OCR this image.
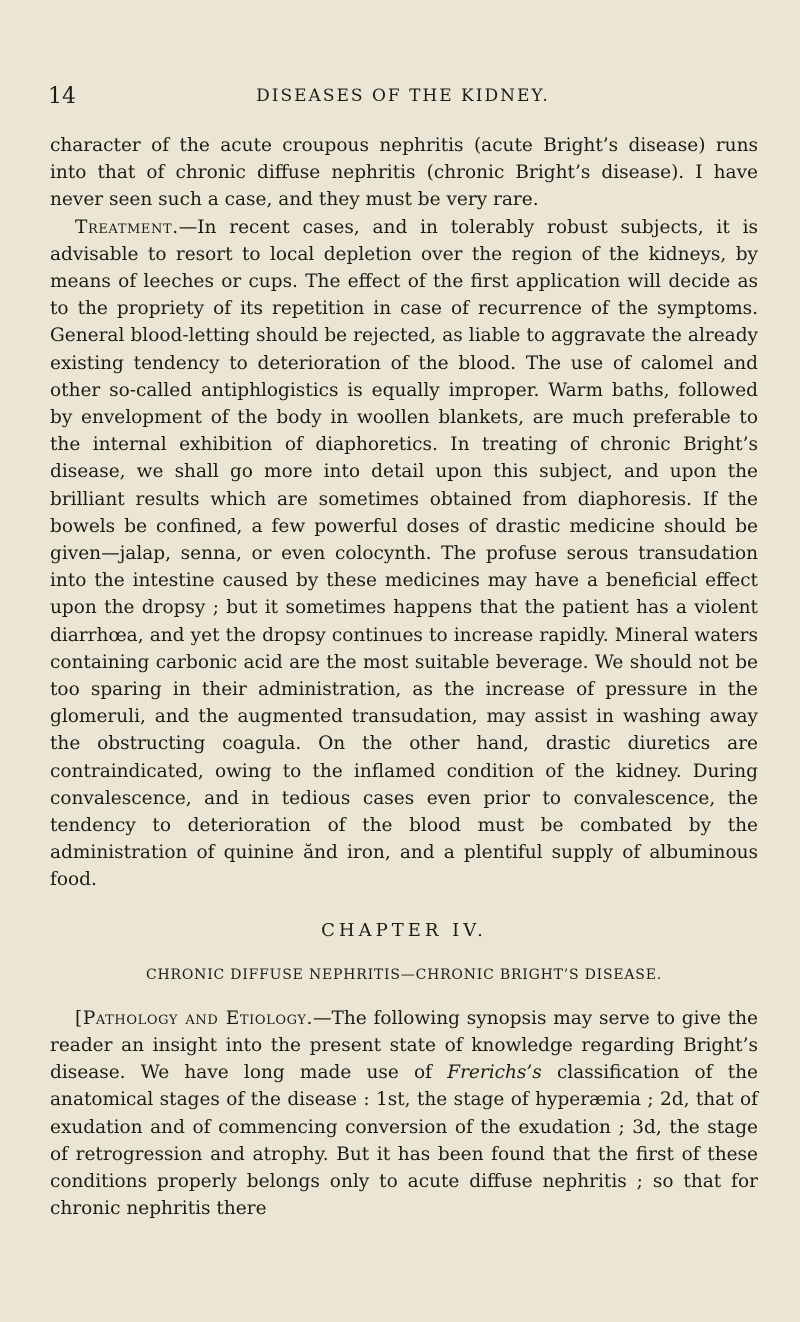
14	DISEASES OF THE KIDNEY.

character of the acute croupous nephritis (acute Bright’s disease) runs into that of chronic diffuse nephritis (chronic Bright’s disease). I have never seen such a case, and they must be very rare.

Treatment.—In recent cases, and in tolerably robust subjects, it is advisable to resort to local depletion over the region of the kidneys, by means of leeches or cups. The effect of the first application will decide as to the propriety of its repetition in case of recurrence of the symptoms. General blood-letting should be rejected, as liable to aggravate the already existing tendency to deterioration of the blood. The use of calomel and other so-called antiphlogistics is equally improper. Warm baths, followed by envelopment of the body in woollen blankets, are much preferable to the internal exhibition of diaphoretics. In treating of chronic Bright’s disease, we shall go more into detail upon this subject, and upon the brilliant results which are sometimes obtained from diaphoresis. If the bowels be confined, a few powerful doses of drastic medicine should be given—jalap, senna, or even colocynth. The profuse serous transudation into the intestine caused by these medicines may have a beneficial effect upon the dropsy ; but it sometimes happens that the patient has a violent diarrhœa, and yet the dropsy continues to increase rapidly. Mineral waters containing carbonic acid are the most suitable beverage. We should not be too sparing in their administration, as the increase of pressure in the glomeruli, and the augmented transudation, may assist in washing away the obstructing coagula. On the other hand, drastic diuretics are contraindicated, owing to the inflamed condition of the kidney. During convalescence, and in tedious cases even prior to convalescence, the tendency to deterioration of the blood must be combated by the administration of quinine ănd iron, and a plentiful supply of albuminous food.

CHAPTER IV.
CHRONIC DIFFUSE NEPHRITIS—CHRONIC BRIGHT’S DISEASE.

[Pathology and Etiology.—The following synopsis may serve to give the reader an insight into the present state of knowledge regarding Bright’s disease. We have long made use of Frerichs’s classification of the anatomical stages of the disease : 1st, the stage of hyperæmia ; 2d, that of exudation and of commencing conversion of the exudation ; 3d, the stage of retrogression and atrophy. But it has been found that the first of these conditions properly belongs only to acute diffuse nephritis ; so that for chronic nephritis there
